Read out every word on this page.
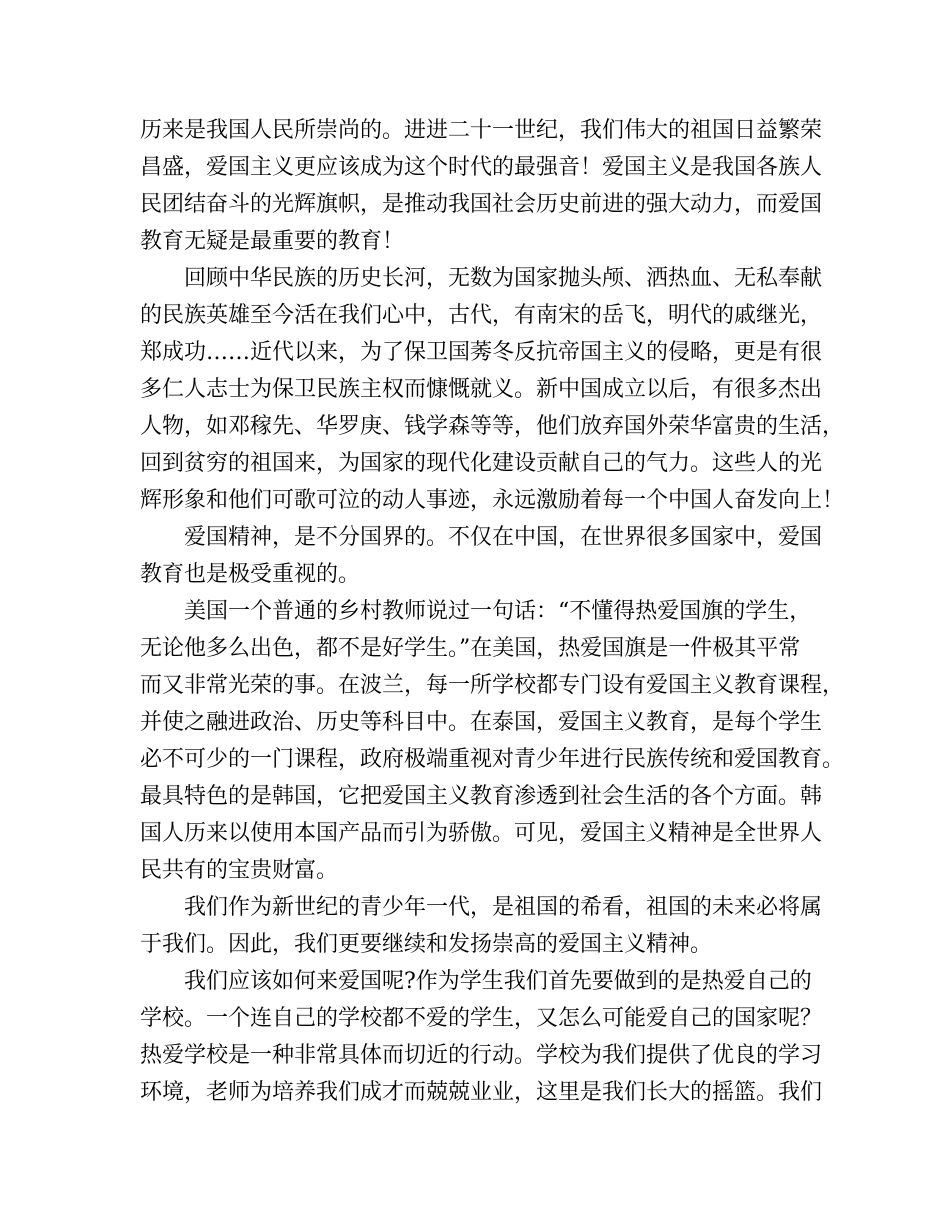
历来是我国人民所崇尚的。进进二十一世纪，我们伟大的祖国日益繁荣
昌盛，爱国主义更应该成为这个时代的最强音！爱国主义是我国各族人
民团结奋斗的光辉旗帜，是推动我国社会历史前进的强大动力，而爱国
教育无疑是最重要的教育！
回顾中华民族的历史长河，无数为国家抛头颅、洒热血、无私奉献
的民族英雄至今活在我们心中，古代，有南宋的岳飞，明代的戚继光，
郑成功……近代以来，为了保卫国莠冬反抗帝国主义的侵略，更是有很
多仁人志士为保卫民族主权而慷慨就义。新中国成立以后，有很多杰出
人物，如邓稼先、华罗庚、钱学森等等，他们放弃国外荣华富贵的生活，
回到贫穷的祖国来，为国家的现代化建设贡献自己的气力。这些人的光
辉形象和他们可歌可泣的动人事迹，永远激励着每一个中国人奋发向上！
爱国精神，是不分国界的。不仅在中国，在世界很多国家中，爱国
教育也是极受重视的。
美国一个普通的乡村教师说过一句话：“不懂得热爱国旗的学生，
无论他多么出色，都不是好学生。”在美国，热爱国旗是一件极其平常
而又非常光荣的事。在波兰，每一所学校都专门设有爱国主义教育课程，
并使之融进政治、历史等科目中。在泰国，爱国主义教育，是每个学生
必不可少的一门课程，政府极端重视对青少年进行民族传统和爱国教育。
最具特色的是韩国，它把爱国主义教育渗透到社会生活的各个方面。韩
国人历来以使用本国产品而引为骄傲。可见，爱国主义精神是全世界人
民共有的宝贵财富。
我们作为新世纪的青少年一代，是祖国的希看，祖国的未来必将属
于我们。因此，我们更要继续和发扬崇高的爱国主义精神。
我们应该如何来爱国呢?作为学生我们首先要做到的是热爱自己的
学校。一个连自己的学校都不爱的学生，又怎么可能爱自己的国家呢？
热爱学校是一种非常具体而切近的行动。学校为我们提供了优良的学习
环境，老师为培养我们成才而兢兢业业，这里是我们长大的摇篮。我们
